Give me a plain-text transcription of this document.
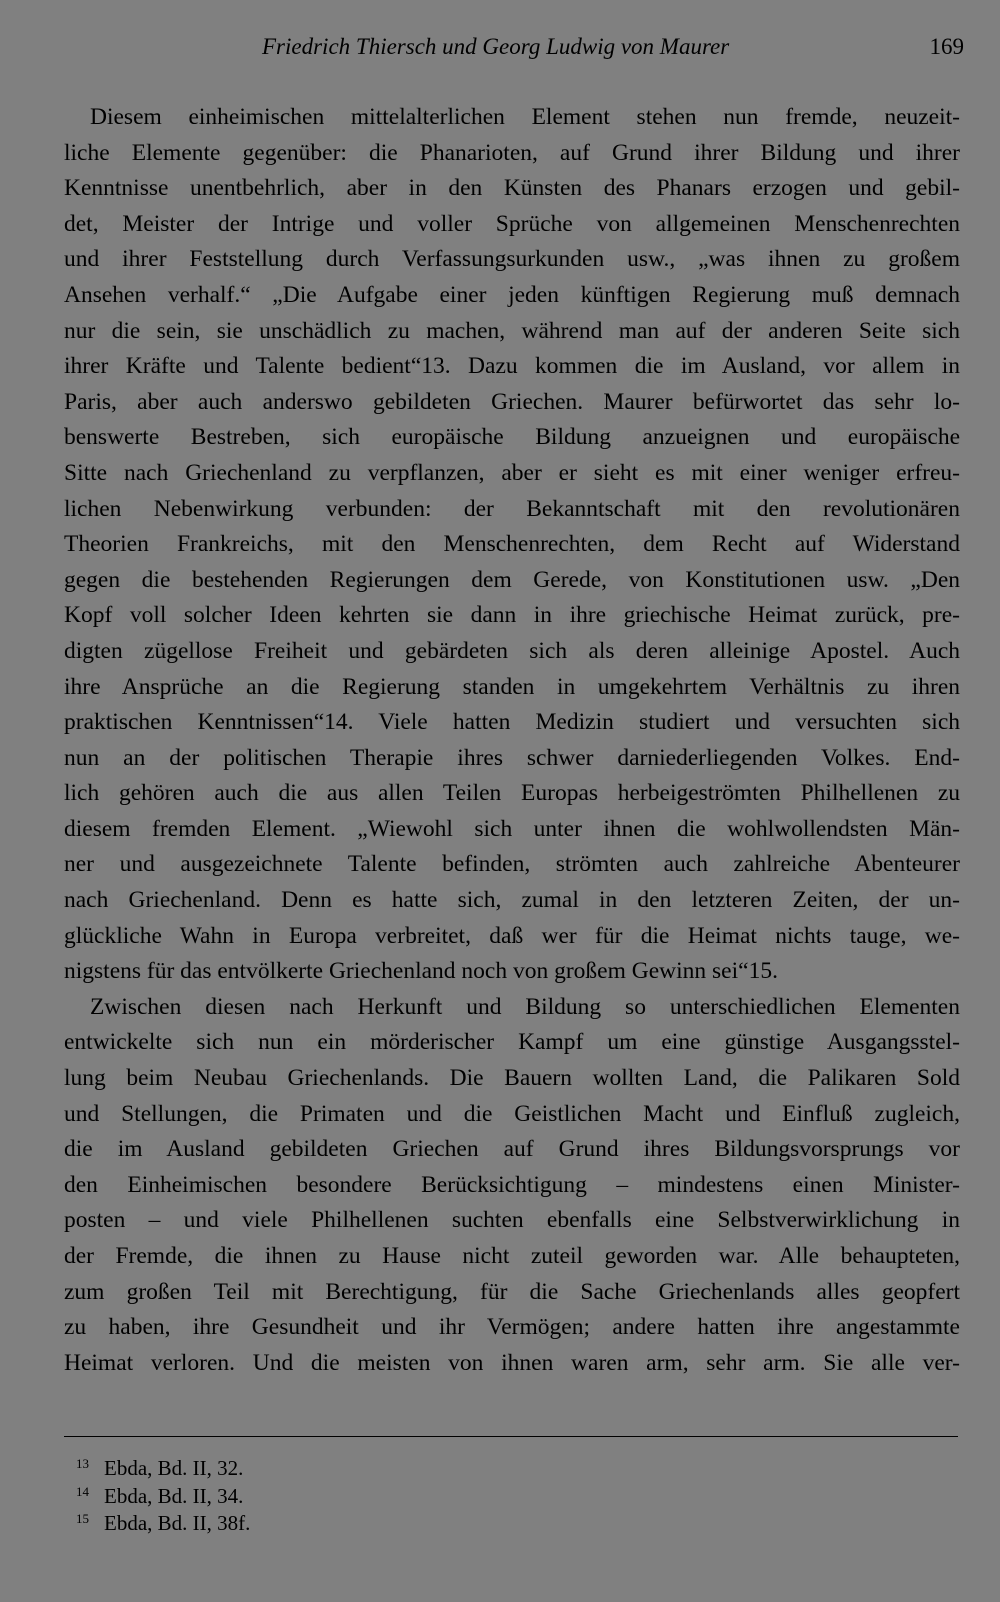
Friedrich Thiersch und Georg Ludwig von Maurer	169
Diesem einheimischen mittelalterlichen Element stehen nun fremde, neuzeit-
liche Elemente gegenüber: die Phanarioten, auf Grund ihrer Bildung und ihrer
Kenntnisse unentbehrlich, aber in den Künsten des Phanars erzogen und gebil-
det, Meister der Intrige und voller Sprüche von allgemeinen Menschenrechten
und ihrer Feststellung durch Verfassungsurkunden usw., „was ihnen zu großem
Ansehen verhalf.“ „Die Aufgabe einer jeden künftigen Regierung muß demnach
nur die sein, sie unschädlich zu machen, während man auf der anderen Seite sich
ihrer Kräfte und Talente bedient“13. Dazu kommen die im Ausland, vor allem in
Paris, aber auch anderswo gebildeten Griechen. Maurer befürwortet das sehr lo-
benswerte Bestreben, sich europäische Bildung anzueignen und europäische
Sitte nach Griechenland zu verpflanzen, aber er sieht es mit einer weniger erfreu-
lichen Nebenwirkung verbunden: der Bekanntschaft mit den revolutionären
Theorien Frankreichs, mit den Menschenrechten, dem Recht auf Widerstand
gegen die bestehenden Regierungen dem Gerede, von Konstitutionen usw. „Den
Kopf voll solcher Ideen kehrten sie dann in ihre griechische Heimat zurück, pre-
digten zügellose Freiheit und gebärdeten sich als deren alleinige Apostel. Auch
ihre Ansprüche an die Regierung standen in umgekehrtem Verhältnis zu ihren
praktischen Kenntnissen“14. Viele hatten Medizin studiert und versuchten sich
nun an der politischen Therapie ihres schwer darniederliegenden Volkes. End-
lich gehören auch die aus allen Teilen Europas herbeigeströmten Philhellenen zu
diesem fremden Element. „Wiewohl sich unter ihnen die wohlwollendsten Män-
ner und ausgezeichnete Talente befinden, strömten auch zahlreiche Abenteurer
nach Griechenland. Denn es hatte sich, zumal in den letzteren Zeiten, der un-
glückliche Wahn in Europa verbreitet, daß wer für die Heimat nichts tauge, we-
nigstens für das entvölkerte Griechenland noch von großem Gewinn sei“15.
Zwischen diesen nach Herkunft und Bildung so unterschiedlichen Elementen
entwickelte sich nun ein mörderischer Kampf um eine günstige Ausgangsstel-
lung beim Neubau Griechenlands. Die Bauern wollten Land, die Palikaren Sold
und Stellungen, die Primaten und die Geistlichen Macht und Einfluß zugleich,
die im Ausland gebildeten Griechen auf Grund ihres Bildungsvorsprungs vor
den Einheimischen besondere Berücksichtigung – mindestens einen Minister-
posten – und viele Philhellenen suchten ebenfalls eine Selbstverwirklichung in
der Fremde, die ihnen zu Hause nicht zuteil geworden war. Alle behaupteten,
zum großen Teil mit Berechtigung, für die Sache Griechenlands alles geopfert
zu haben, ihre Gesundheit und ihr Vermögen; andere hatten ihre angestammte
Heimat verloren. Und die meisten von ihnen waren arm, sehr arm. Sie alle ver-
13 Ebda, Bd. II, 32.
14 Ebda, Bd. II, 34.
15 Ebda, Bd. II, 38f.
